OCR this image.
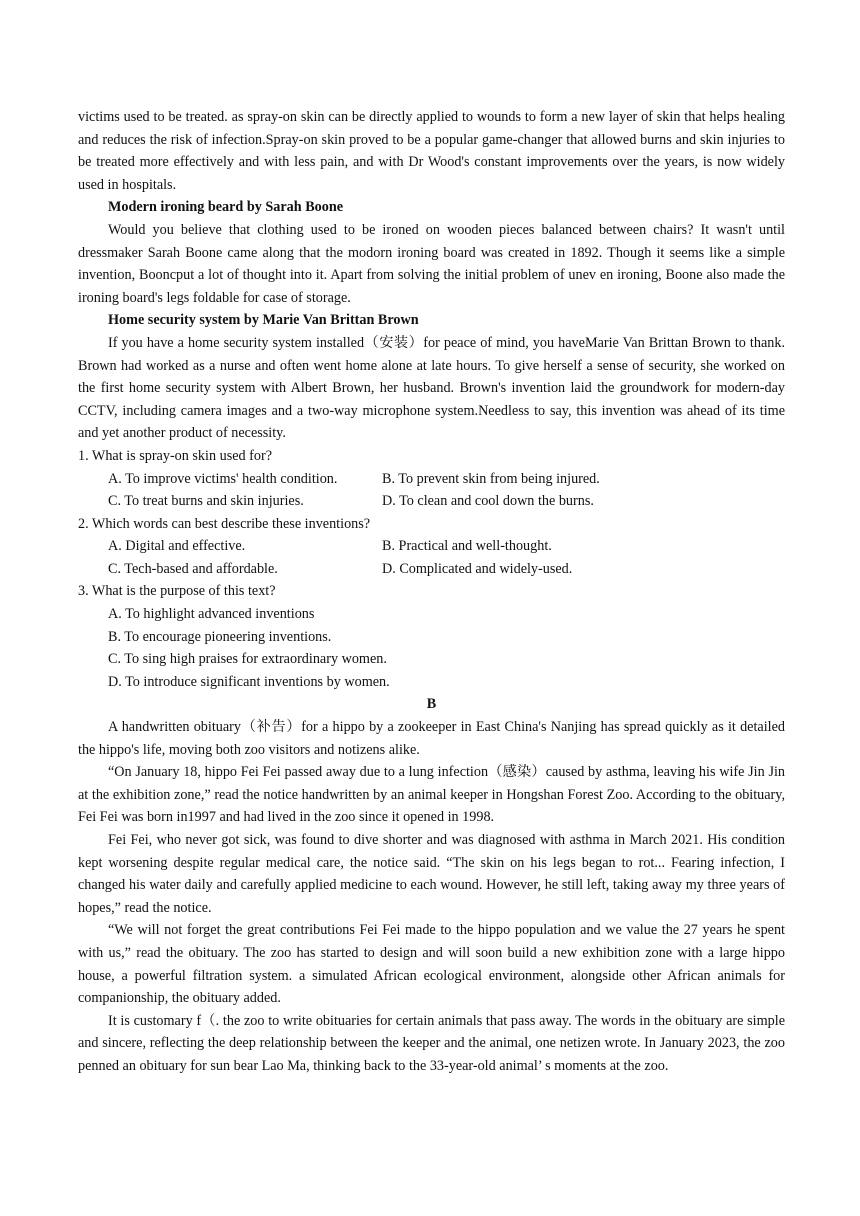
victims used to be treated. as spray-on skin can be directly applied to wounds to form a new layer of skin that helps healing and reduces the risk of infection.Spray-on skin proved to be a popular game-changer that allowed burns and skin injuries to be treated more effectively and with less pain, and with Dr Wood's constant improvements over the years, is now widely used in hospitals.

Modern ironing beard by Sarah Boone

Would you believe that clothing used to be ironed on wooden pieces balanced between chairs? It wasn't until dressmaker Sarah Boone came along that the modorn ironing board was created in 1892. Though it seems like a simple invention, Booncput a lot of thought into it. Apart from solving the initial problem of unev en ironing, Boone also made the ironing board's legs foldable for case of storage.

Home security system by Marie Van Brittan Brown

If you have a home security system installed（安装）for peace of mind, you haveMarie Van Brittan Brown to thank. Brown had worked as a nurse and often went home alone at late hours. To give herself a sense of security, she worked on the first home security system with Albert Brown, her husband. Brown's invention laid the groundwork for modern-day CCTV, including camera images and a two-way microphone system.Needless to say, this invention was ahead of its time and yet another product of necessity.

1. What is spray-on skin used for?

A. To improve victims' health condition.	B. To prevent skin from being injured.
C. To treat burns and skin injuries.	D. To clean and cool down the burns.

2. Which words can best describe these inventions?

A. Digital and effective.	B. Practical and well-thought.
C. Tech-based and affordable.	D. Complicated and widely-used.

3. What is the purpose of this text?

A. To highlight advanced inventions

B. To encourage pioneering inventions.

C. To sing high praises for extraordinary women.

D. To introduce significant inventions by women.

B

A handwritten obituary（补告）for a hippo by a zookeeper in East China's Nanjing has spread quickly as it detailed the hippo's life, moving both zoo visitors and notizens alike.

“On January 18, hippo Fei Fei passed away due to a lung infection（感染）caused by asthma, leaving his wife Jin Jin at the exhibition zone,” read the notice handwritten by an animal keeper in Hongshan Forest Zoo. According to the obituary, Fei Fei was born in1997 and had lived in the zoo since it opened in 1998.

Fei Fei, who never got sick, was found to dive shorter and was diagnosed with asthma in March 2021. His condition kept worsening despite regular medical care, the notice said. “The skin on his legs began to rot... Fearing infection, I changed his water daily and carefully applied medicine to each wound. However, he still left, taking away my three years of hopes,” read the notice.

“We will not forget the great contributions Fei Fei made to the hippo population and we value the 27 years he spent with us,” read the obituary. The zoo has started to design and will soon build a new exhibition zone with a large hippo house, a powerful filtration system. a simulated African ecological environment, alongside other African animals for companionship, the obituary added.

It is customary f（. the zoo to write obituaries for certain animals that pass away. The words in the obituary are simple and sincere, reflecting the deep relationship between the keeper and the animal, one netizen wrote. In January 2023, the zoo penned an obituary for sun bear Lao Ma, thinking back to the 33-year-old animal’ s moments at the zoo.
